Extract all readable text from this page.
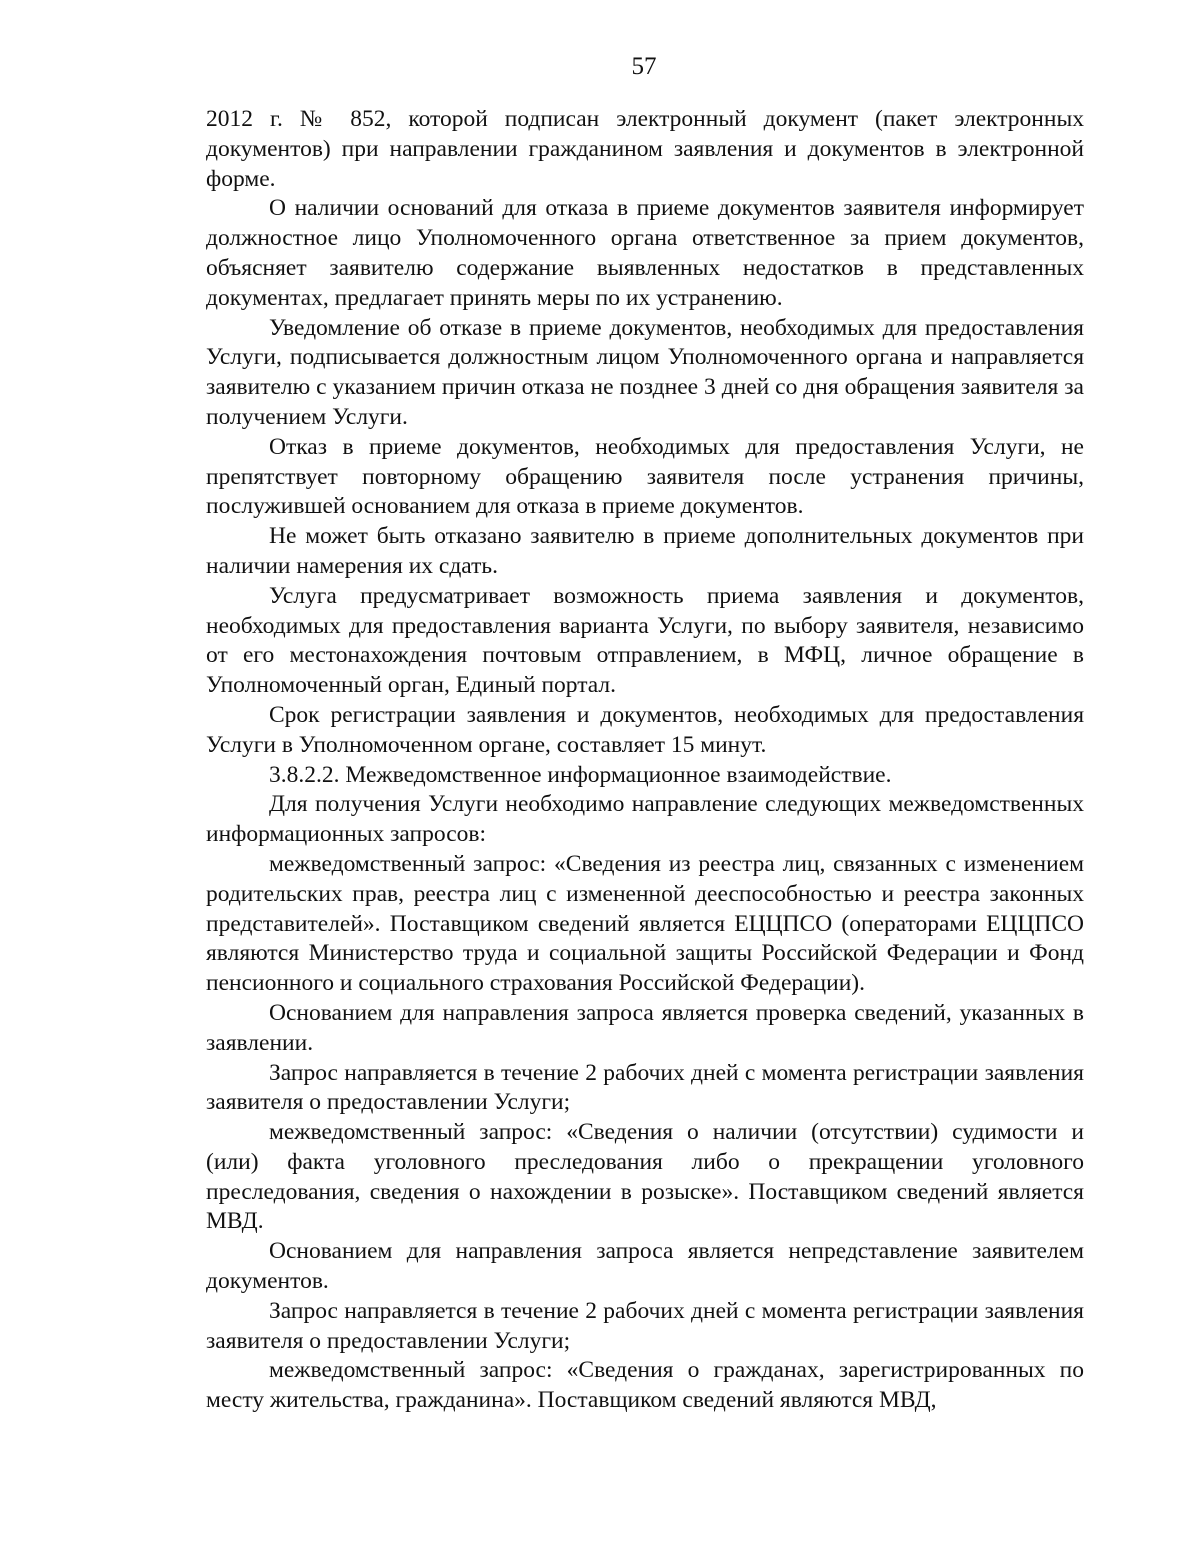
57

2012 г. № 852, которой подписан электронный документ (пакет электронных документов) при направлении гражданином заявления и документов в электронной форме.

О наличии оснований для отказа в приеме документов заявителя информирует должностное лицо Уполномоченного органа ответственное за прием документов, объясняет заявителю содержание выявленных недостатков в представленных документах, предлагает принять меры по их устранению.

Уведомление об отказе в приеме документов, необходимых для предоставления Услуги, подписывается должностным лицом Уполномоченного органа и направляется заявителю с указанием причин отказа не позднее 3 дней со дня обращения заявителя за получением Услуги.

Отказ в приеме документов, необходимых для предоставления Услуги, не препятствует повторному обращению заявителя после устранения причины, послужившей основанием для отказа в приеме документов.

Не может быть отказано заявителю в приеме дополнительных документов при наличии намерения их сдать.

Услуга предусматривает возможность приема заявления и документов, необходимых для предоставления варианта Услуги, по выбору заявителя, независимо от его местонахождения почтовым отправлением, в МФЦ, личное обращение в Уполномоченный орган, Единый портал.

Срок регистрации заявления и документов, необходимых для предоставления Услуги в Уполномоченном органе, составляет 15 минут.

3.8.2.2. Межведомственное информационное взаимодействие.

Для получения Услуги необходимо направление следующих межведомственных информационных запросов:

межведомственный запрос: «Сведения из реестра лиц, связанных с изменением родительских прав, реестра лиц с измененной дееспособностью и реестра законных представителей». Поставщиком сведений является ЕЦЦПСО (операторами ЕЦЦПСО являются Министерство труда и социальной защиты Российской Федерации и Фонд пенсионного и социального страхования Российской Федерации).

Основанием для направления запроса является проверка сведений, указанных в заявлении.

Запрос направляется в течение 2 рабочих дней с момента регистрации заявления заявителя о предоставлении Услуги;

межведомственный запрос: «Сведения о наличии (отсутствии) судимости и (или) факта уголовного преследования либо о прекращении уголовного преследования, сведения о нахождении в розыске». Поставщиком сведений является МВД.

Основанием для направления запроса является непредставление заявителем документов.

Запрос направляется в течение 2 рабочих дней с момента регистрации заявления заявителя о предоставлении Услуги;

межведомственный запрос: «Сведения о гражданах, зарегистрированных по месту жительства, гражданина». Поставщиком сведений являются МВД,
